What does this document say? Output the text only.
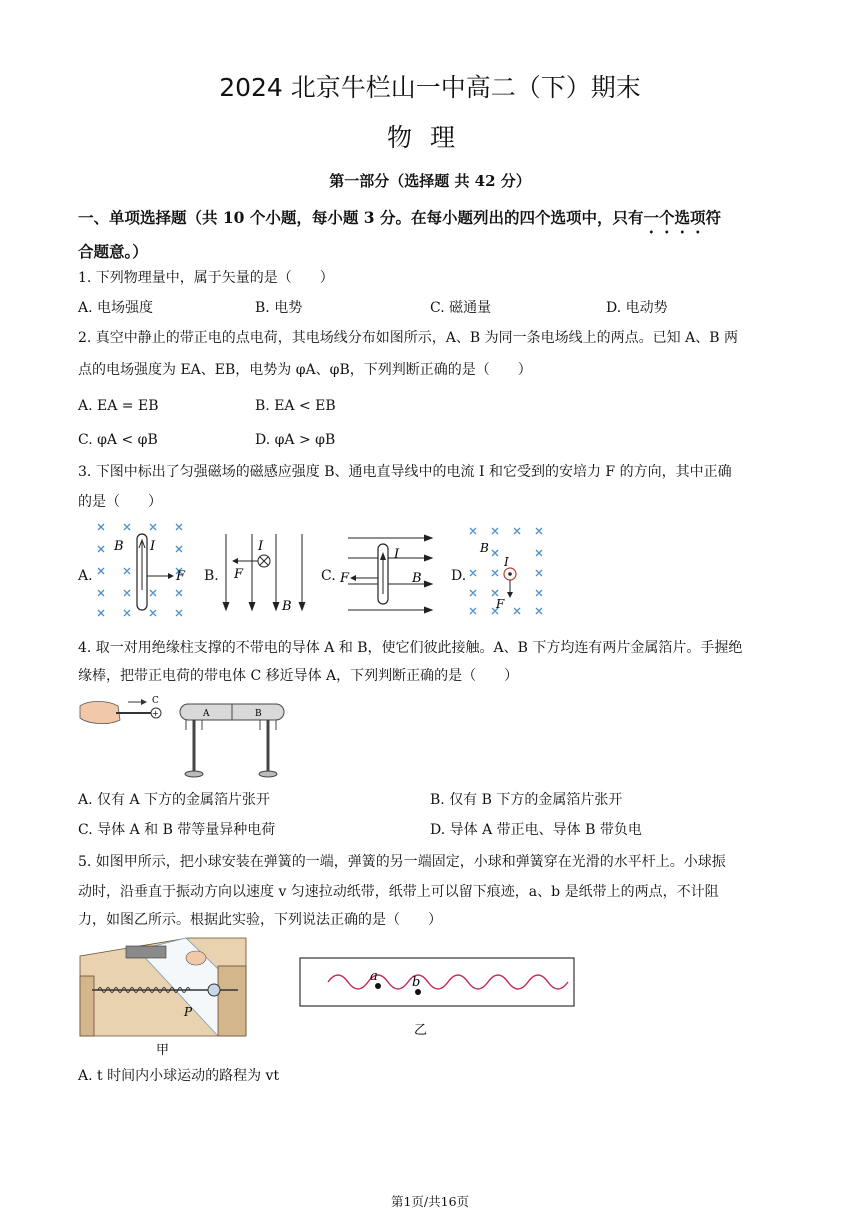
2024 北京牛栏山一中高二（下）期末
物理
第一部分（选择题 共 42 分）
一、单项选择题（共 10 个小题，每小题 3 分。在每小题列出的四个选项中，只有一个选项符
合题意。）
1. 下列物理量中，属于矢量的是（　　）
A. 电场强度	B. 电势	C. 磁通量	D. 电动势
2. 真空中静止的带正电的点电荷，其电场线分布如图所示，A、B 为同一条电场线上的两点。已知 A、B 两
点的电场强度为 EA、EB，电势为 φA、φB，下列判断正确的是（　　）
A. EA = EB	B. EA < EB
C. φA < φB	D. φA > φB
3. 下图中标出了匀强磁场的磁感应强度 B、通电直导线中的电流 I 和它受到的安培力 F 的方向，其中正确
的是（　　）
A.
B I
F B.
I
F
B
C.
I
F	B D.
B
I
F
4. 取一对用绝缘柱支撑的不带电的导体 A 和 B，使它们彼此接触。A、B 下方均连有两片金属箔片。手握绝
缘棒，把带正电荷的带电体 C 移近导体 A，下列判断正确的是（　　）
+
C
A	B
A. 仅有 A 下方的金属箔片张开	B. 仅有 B 下方的金属箔片张开
C. 导体 A 和 B 带等量异种电荷	D. 导体 A 带正电、导体 B 带负电
5. 如图甲所示，把小球安装在弹簧的一端，弹簧的另一端固定，小球和弹簧穿在光滑的水平杆上。小球振
动时，沿垂直于振动方向以速度 v 匀速拉动纸带，纸带上可以留下痕迹，a、b 是纸带上的两点，不计阻
力，如图乙所示。根据此实验，下列说法正确的是（　　）
P
甲
a	b
乙
A. t 时间内小球运动的路程为 vt
第1页/共16页
